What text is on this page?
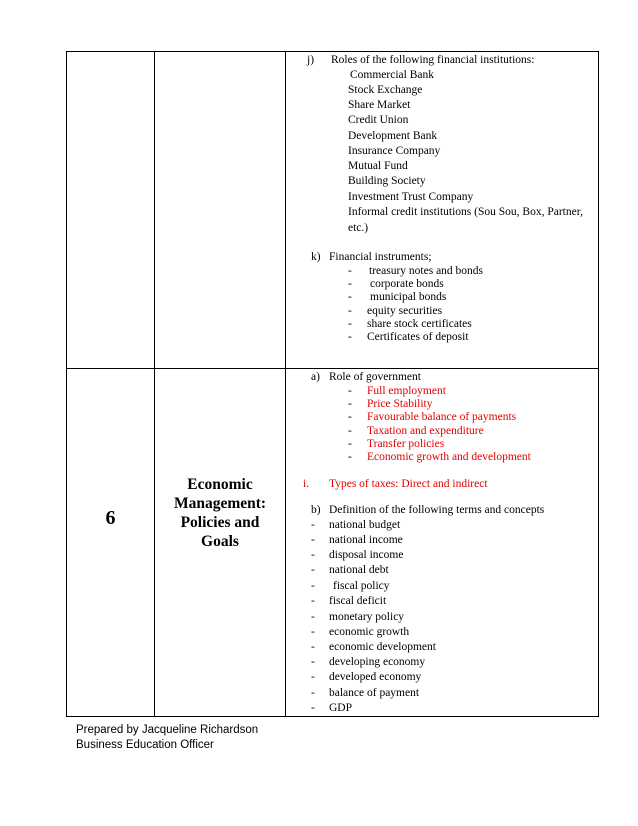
j) Roles of the following financial institutions:
Commercial Bank
Stock Exchange
Share Market
Credit Union
Development Bank
Insurance Company
Mutual Fund
Building Society
Investment Trust Company
Informal credit institutions (Sou Sou, Box, Partner,
etc.)
k) Financial instruments;
- treasury notes and bonds
- corporate bonds
- municipal bonds
- equity securities
- share stock certificates
- Certificates of deposit
6
Economic
Management:
Policies and
Goals
a) Role of government
- Full employment
- Price Stability
- Favourable balance of payments
- Taxation and expenditure
- Transfer policies
- Economic growth and development
i. Types of taxes: Direct and indirect
b) Definition of the following terms and concepts
- national budget
- national income
- disposal income
- national debt
- fiscal policy
- fiscal deficit
- monetary policy
- economic growth
- economic development
- developing economy
- developed economy
- balance of payment
- GDP
Prepared by Jacqueline Richardson
Business Education Officer
